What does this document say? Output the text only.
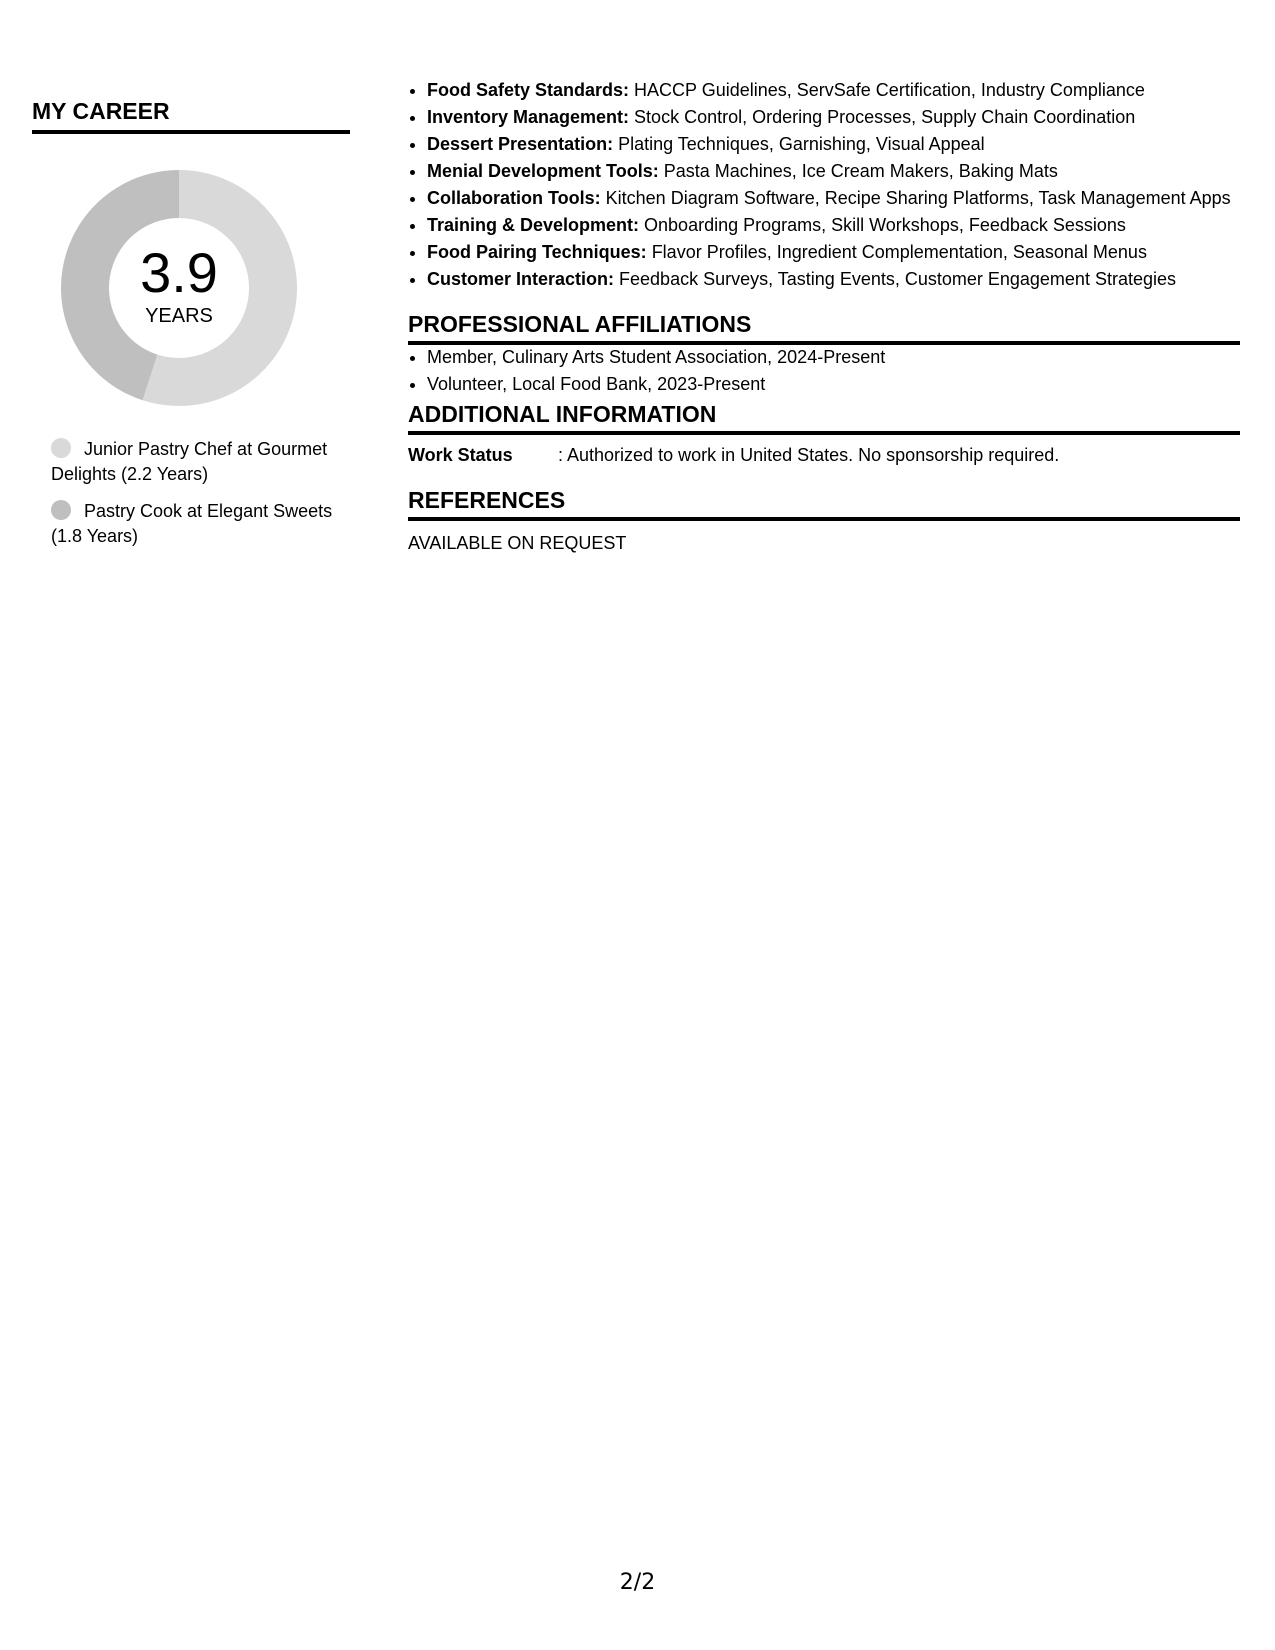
MY CAREER
3.9
YEARS
Junior Pastry Chef at Gourmet Delights (2.2 Years)
Pastry Cook at Elegant Sweets (1.8 Years)
• Food Safety Standards: HACCP Guidelines, ServSafe Certification, Industry Compliance
• Inventory Management: Stock Control, Ordering Processes, Supply Chain Coordination
• Dessert Presentation: Plating Techniques, Garnishing, Visual Appeal
• Menial Development Tools: Pasta Machines, Ice Cream Makers, Baking Mats
• Collaboration Tools: Kitchen Diagram Software, Recipe Sharing Platforms, Task Management Apps
• Training & Development: Onboarding Programs, Skill Workshops, Feedback Sessions
• Food Pairing Techniques: Flavor Profiles, Ingredient Complementation, Seasonal Menus
• Customer Interaction: Feedback Surveys, Tasting Events, Customer Engagement Strategies
PROFESSIONAL AFFILIATIONS
• Member, Culinary Arts Student Association, 2024-Present
• Volunteer, Local Food Bank, 2023-Present
ADDITIONAL INFORMATION
Work Status	: Authorized to work in United States. No sponsorship required.
REFERENCES
AVAILABLE ON REQUEST
2/2
